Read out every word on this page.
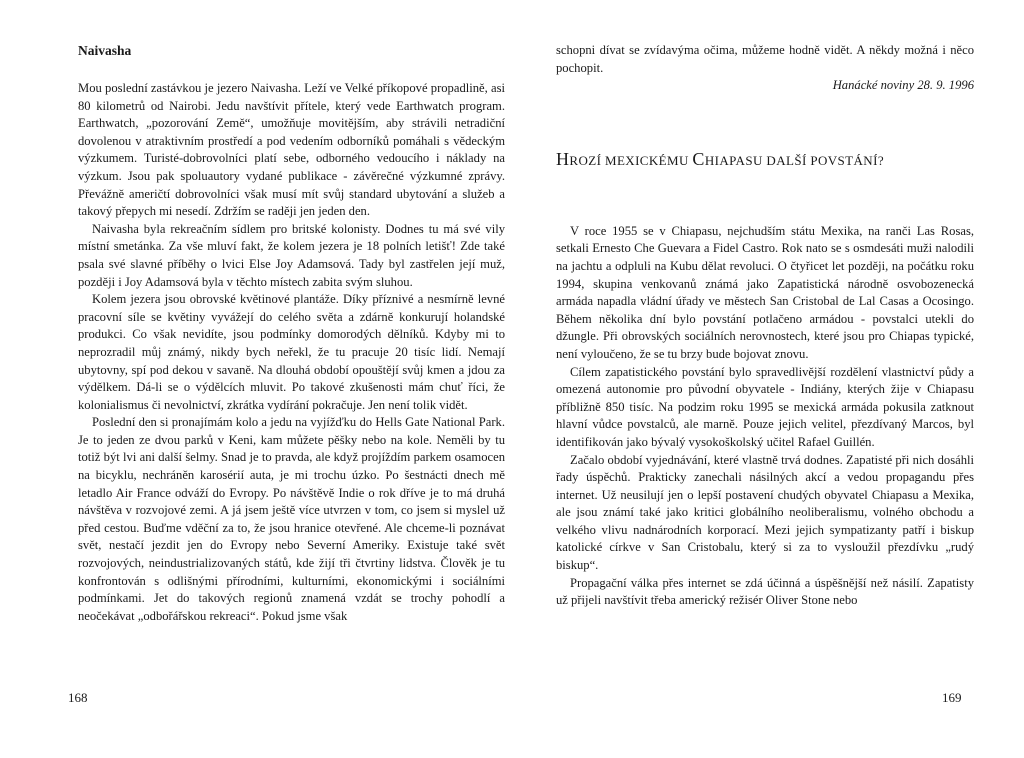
Naivasha

Mou poslední zastávkou je jezero Naivasha. Leží ve Velké příkopové propadlině, asi 80 kilometrů od Nairobi. Jedu navštívit přítele, který vede Earthwatch program. Earthwatch, „pozorování Země“, umožňuje movitějším, aby strávili netradiční dovolenou v atraktivním prostředí a pod vedením odborníků pomáhali s vědeckým výzkumem. Turisté-dobrovolníci platí sebe, odborného vedoucího i náklady na výzkum. Jsou pak spoluautory vydané publikace - závěrečné výzkumné zprávy. Převážně američtí dobrovolníci však musí mít svůj standard ubytování a služeb a takový přepych mi nesedí. Zdržím se raději jen jeden den.

Naivasha byla rekreačním sídlem pro britské kolonisty. Dodnes tu má své vily místní smetánka. Za vše mluví fakt, že kolem jezera je 18 polních letišť! Zde také psala své slavné příběhy o lvici Else Joy Adamsová. Tady byl zastřelen její muž, později i Joy Adamsová byla v těchto místech zabita svým sluhou.

Kolem jezera jsou obrovské květinové plantáže. Díky příznivé a nesmírně levné pracovní síle se květiny vyvážejí do celého světa a zdárně konkurují holandské produkci. Co však nevidíte, jsou podmínky domorodých dělníků. Kdyby mi to neprozradil můj známý, nikdy bych neřekl, že tu pracuje 20 tisíc lidí. Nemají ubytovny, spí pod dekou v savaně. Na dlouhá období opouštějí svůj kmen a jdou za výdělkem. Dá-li se o výdělcích mluvit. Po takové zkušenosti mám chuť říci, že kolonialismus či nevolnictví, zkrátka vydírání pokračuje. Jen není tolik vidět.

Poslední den si pronajímám kolo a jedu na vyjížďku do Hells Gate National Park. Je to jeden ze dvou parků v Keni, kam můžete pěšky nebo na kole. Neměli by tu totiž být lvi ani další šelmy. Snad je to pravda, ale když projíždím parkem osamocen na bicyklu, nechráněn karosérií auta, je mi trochu úzko. Po šestnácti dnech mě letadlo Air France odváží do Evropy. Po návštěvě Indie o rok dříve je to má druhá návštěva v rozvojové zemi. A já jsem ještě více utvrzen v tom, co jsem si myslel už před cestou. Buďme vděční za to, že jsou hranice otevřené. Ale chceme-li poznávat svět, nestačí jezdit jen do Evropy nebo Severní Ameriky. Existuje také svět rozvojových, neindustrializovaných států, kde žijí tři čtvrtiny lidstva. Člověk je tu konfrontován s odlišnými přírodními, kulturními, ekonomickými i sociálními podmínkami. Jet do takových regionů znamená vzdát se trochy pohodlí a neočekávat „odbořářskou rekreaci“. Pokud jsme však

168

schopni dívat se zvídavýma očima, můžeme hodně vidět. A někdy možná i něco pochopit.

Hanácké noviny 28. 9. 1996

HROZÍ MEXICKÉMU CHIAPASU DALŠÍ POVSTÁNÍ?

V roce 1955 se v Chiapasu, nejchudším státu Mexika, na ranči Las Rosas, setkali Ernesto Che Guevara a Fidel Castro. Rok nato se s osmdesáti muži nalodili na jachtu a odpluli na Kubu dělat revoluci. O čtyřicet let později, na počátku roku 1994, skupina venkovanů známá jako Zapatistická národně osvobozenecká armáda napadla vládní úřady ve městech San Cristobal de Lal Casas a Ocosingo. Během několika dní bylo povstání potlačeno armádou - povstalci utekli do džungle. Při obrovských sociálních nerovnostech, které jsou pro Chiapas typické, není vyloučeno, že se tu brzy bude bojovat znovu.

Cílem zapatistického povstání bylo spravedlivější rozdělení vlastnictví půdy a omezená autonomie pro původní obyvatele - Indiány, kterých žije v Chiapasu příbližně 850 tisíc. Na podzim roku 1995 se mexická armáda pokusila zatknout hlavní vůdce povstalců, ale marně. Pouze jejich velitel, přezdívaný Marcos, byl identifikován jako bývalý vysokoškolský učitel Rafael Guillén.

Začalo období vyjednávání, které vlastně trvá dodnes. Zapatisté při nich dosáhli řady úspěchů. Prakticky zanechali násilných akcí a vedou propagandu přes internet. Už neusilují jen o lepší postavení chudých obyvatel Chiapasu a Mexika, ale jsou známí také jako kritici globálního neoliberalismu, volného obchodu a velkého vlivu nadnárodních korporací. Mezi jejich sympatizanty patří i biskup katolické církve v San Cristobalu, který si za to vysloužil přezdívku „rudý biskup“.

Propagační válka přes internet se zdá účinná a úspěšnější než násilí. Zapatisty už přijeli navštívit třeba americký režisér Oliver Stone nebo

169
